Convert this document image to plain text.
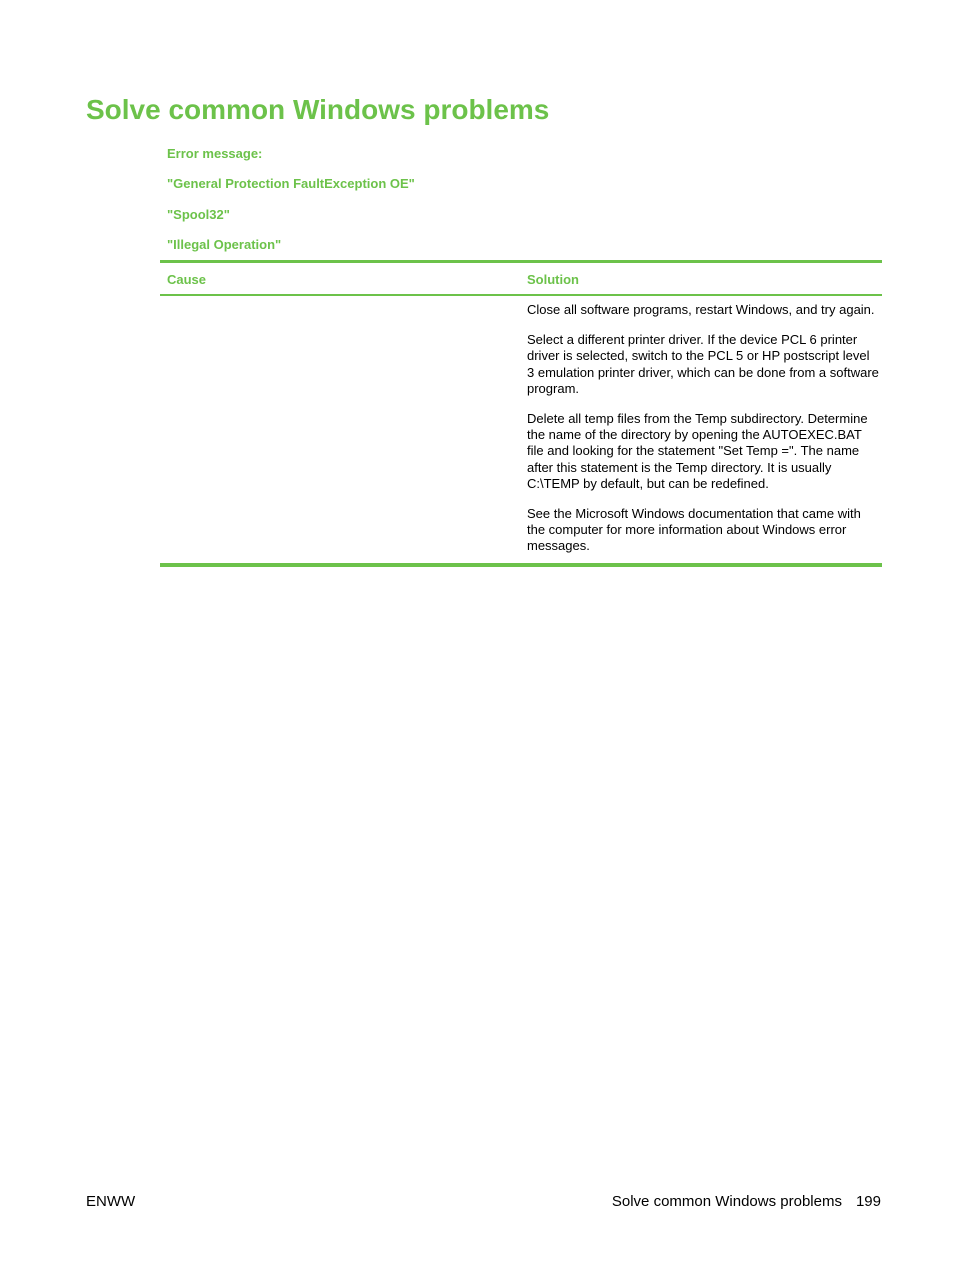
Solve common Windows problems

Error message:

"General Protection FaultException OE"

"Spool32"

"Illegal Operation"

Cause	Solution

Close all software programs, restart Windows, and try again.

Select a different printer driver. If the device PCL 6 printer driver is selected, switch to the PCL 5 or HP postscript level 3 emulation printer driver, which can be done from a software program.

Delete all temp files from the Temp subdirectory. Determine the name of the directory by opening the AUTOEXEC.BAT file and looking for the statement "Set Temp =". The name after this statement is the Temp directory. It is usually C:\TEMP by default, but can be redefined.

See the Microsoft Windows documentation that came with the computer for more information about Windows error messages.

ENWW	Solve common Windows problems 199
